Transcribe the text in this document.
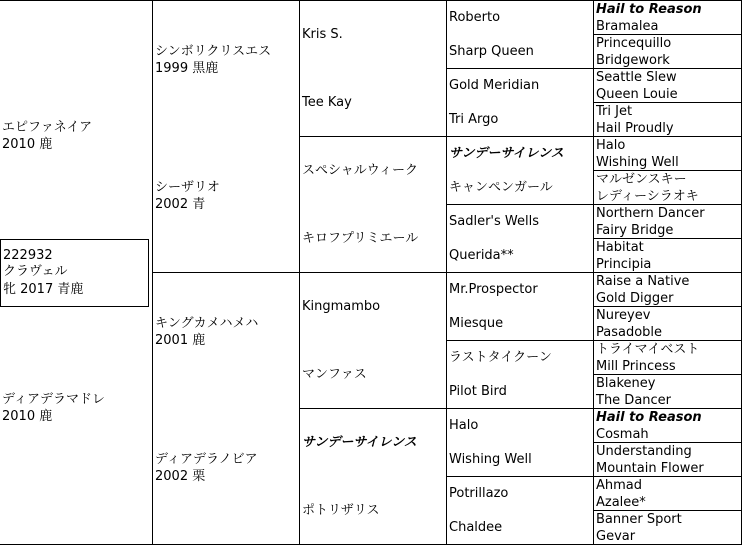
222932
クラヴェル
牝 2017 青鹿
エピファネイア
2010 鹿
ディアデラマドレ
2010 鹿
シンボリクリスエス
1999 黒鹿
シーザリオ
2002 青
キングカメハメハ
2001 鹿
ディアデラノビア
2002 栗
Kris S.
Tee Kay
スペシャルウィーク
キロフプリミエール
Kingmambo
マンファス
サンデーサイレンス
ポトリザリス
Roberto
Sharp Queen
Gold Meridian
Tri Argo
サンデーサイレンス
キャンペンガール
Sadler's Wells
Querida**
Mr.Prospector
Miesque
ラストタイクーン
Pilot Bird
Halo
Wishing Well
Potrillazo
Chaldee
Hail to Reason
Bramalea
Princequillo
Bridgework
Seattle Slew
Queen Louie
Tri Jet
Hail Proudly
Halo
Wishing Well
マルゼンスキー
レディーシラオキ
Northern Dancer
Fairy Bridge
Habitat
Principia
Raise a Native
Gold Digger
Nureyev
Pasadoble
トライマイベスト
Mill Princess
Blakeney
The Dancer
Hail to Reason
Cosmah
Understanding
Mountain Flower
Ahmad
Azalee*
Banner Sport
Gevar
